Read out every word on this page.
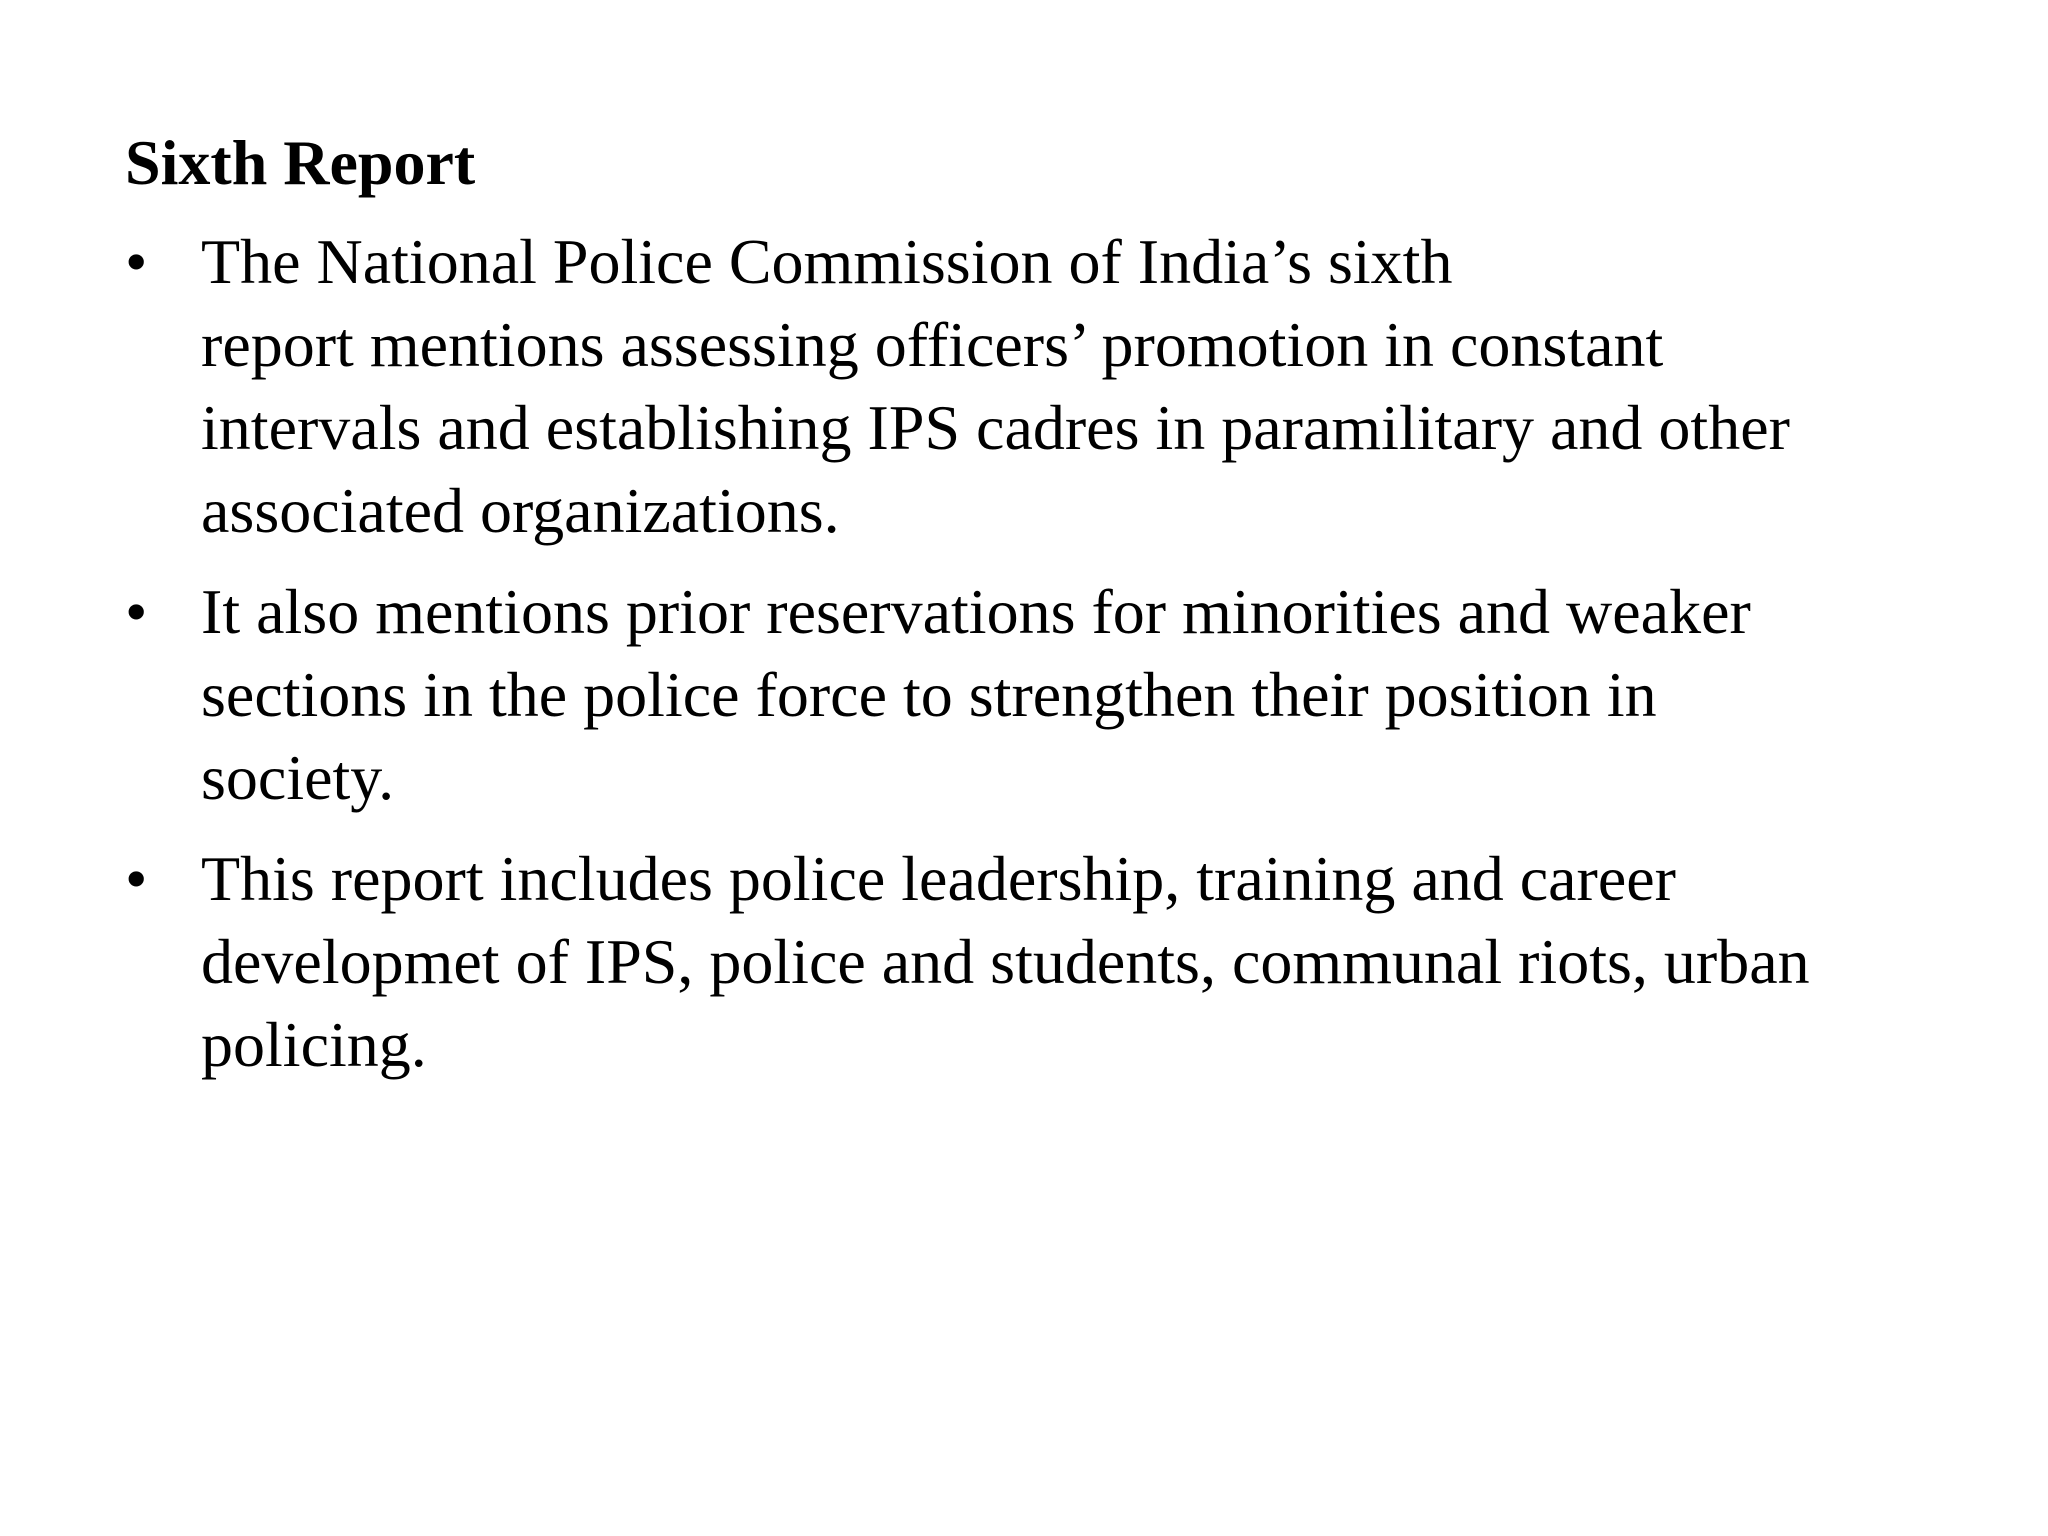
Sixth Report
• The National Police Commission of India’s sixth
report mentions assessing officers’ promotion in constant
intervals and establishing IPS cadres in paramilitary and other
associated organizations.
• It also mentions prior reservations for minorities and weaker
sections in the police force to strengthen their position in
society.
• This report includes police leadership, training and career
developmet of IPS, police and students, communal riots, urban
policing.
